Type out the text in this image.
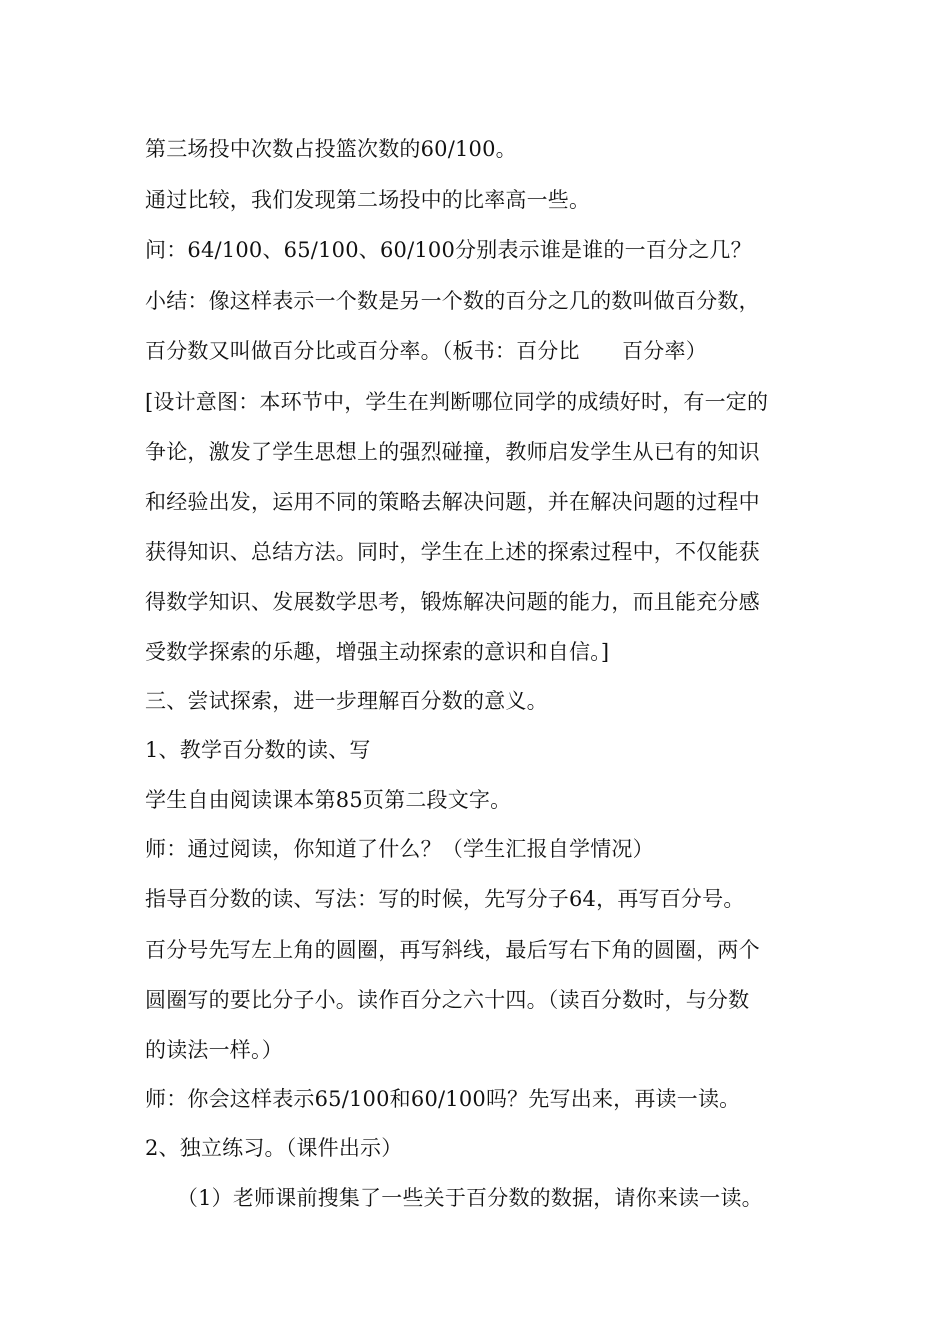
第三场投中次数占投篮次数的60/100。
通过比较，我们发现第二场投中的比率高一些。
问：64/100、65/100、60/100分别表示谁是谁的一百分之几？
小结：像这样表示一个数是另一个数的百分之几的数叫做百分数，
百分数又叫做百分比或百分率。（板书：百分比　　百分率）
[设计意图：本环节中，学生在判断哪位同学的成绩好时，有一定的
争论，激发了学生思想上的强烈碰撞，教师启发学生从已有的知识
和经验出发，运用不同的策略去解决问题，并在解决问题的过程中
获得知识、总结方法。同时，学生在上述的探索过程中，不仅能获
得数学知识、发展数学思考，锻炼解决问题的能力，而且能充分感
受数学探索的乐趣，增强主动探索的意识和自信。]
三、尝试探索，进一步理解百分数的意义。
1、教学百分数的读、写
学生自由阅读课本第85页第二段文字。
师：通过阅读，你知道了什么？（学生汇报自学情况）
指导百分数的读、写法：写的时候，先写分子64，再写百分号。
百分号先写左上角的圆圈，再写斜线，最后写右下角的圆圈，两个
圆圈写的要比分子小。读作百分之六十四。（读百分数时，与分数
的读法一样。）
师：你会这样表示65/100和60/100吗？先写出来，再读一读。
2、独立练习。（课件出示）
　　（1）老师课前搜集了一些关于百分数的数据，请你来读一读。
